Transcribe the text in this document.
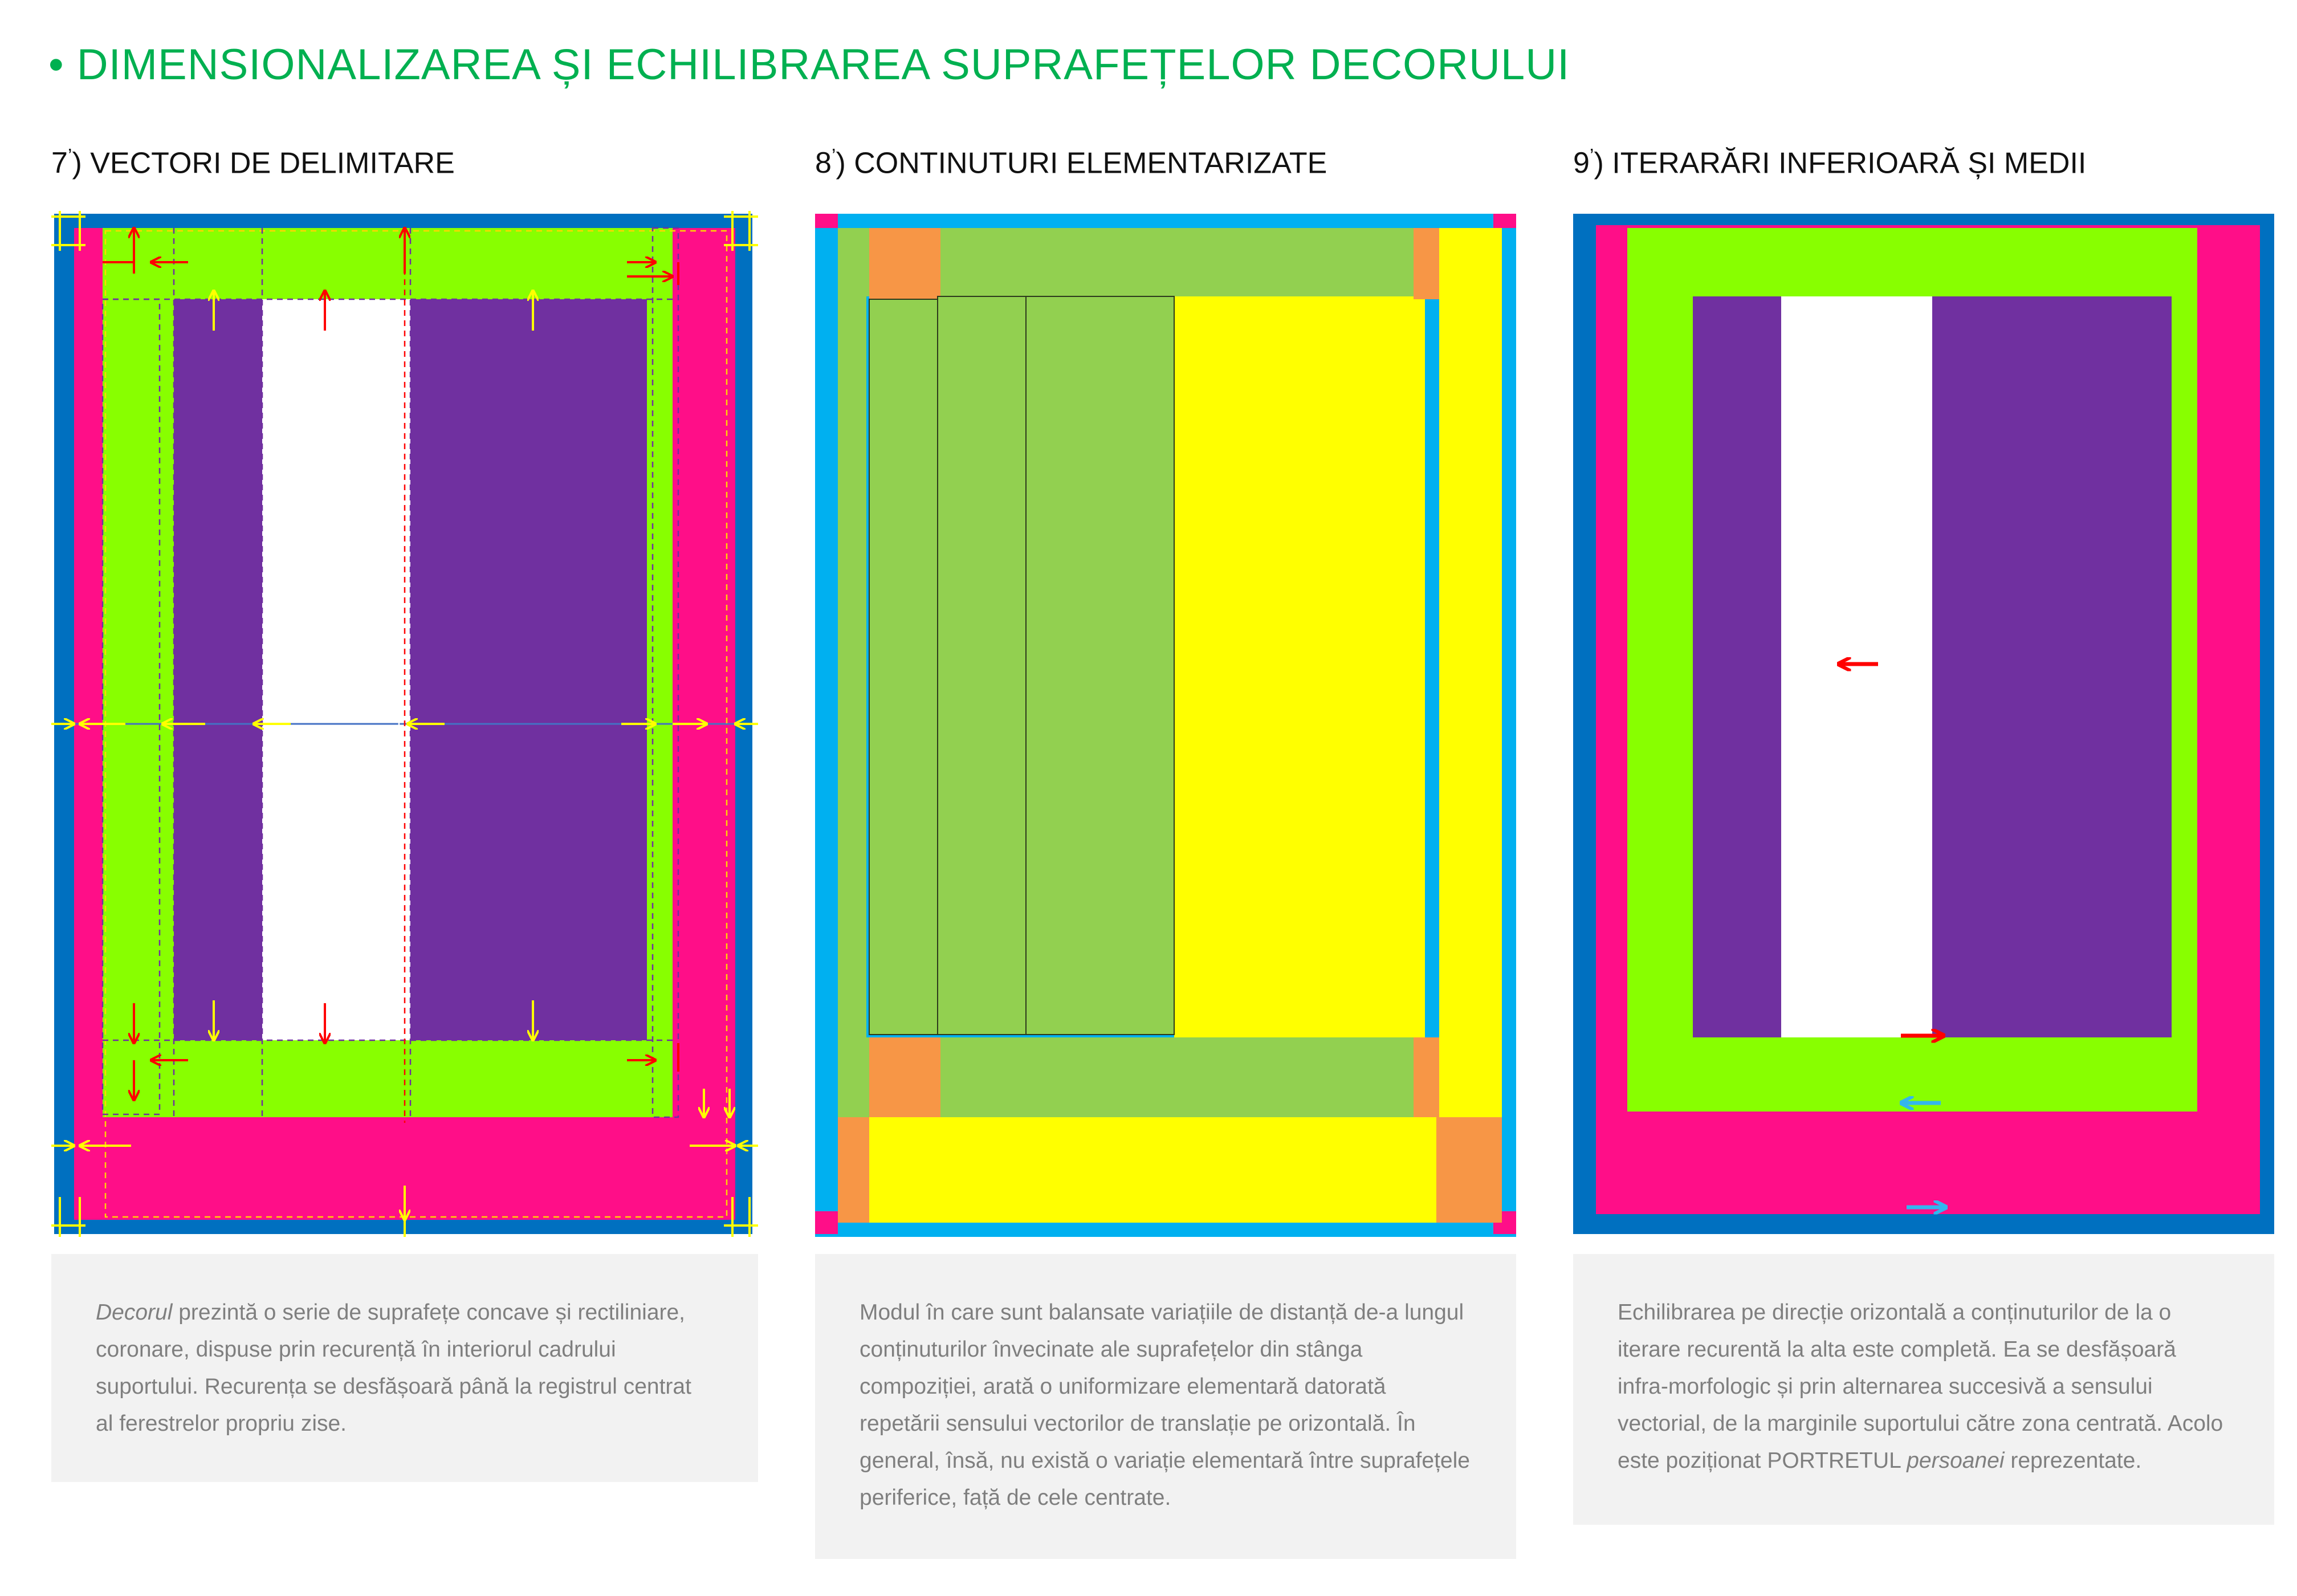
• DIMENSIONALIZAREA ȘI ECHILIBRAREA SUPRAFEȚELOR DECORULUI
7’) VECTORI DE DELIMITARE
Decorul prezintă o serie de suprafețe concave și rectiliniare, coronare, dispuse prin recurență în interiorul cadrului suportului. Recurența se desfășoară până la registrul centrat al ferestrelor propriu zise.
8’) CONTINUTURI ELEMENTARIZATE
Modul în care sunt balansate variațiile de distanță de-a lungul conținuturilor învecinate ale suprafețelor din stânga compoziției, arată o uniformizare elementară datorată repetării sensului vectorilor de translație pe orizontală. În general, însă, nu există o variație elementară între suprafețele periferice, față de cele centrate.
9’) ITERARĂRI INFERIOARĂ ȘI MEDII
Echilibrarea pe direcție orizontală a conținuturilor de la o iterare recurentă la alta este completă. Ea se desfășoară infra-morfologic și prin alternarea succesivă a sensului vectorial, de la marginile suportului către zona centrată. Acolo este poziționat PORTRETUL persoanei reprezentate.
